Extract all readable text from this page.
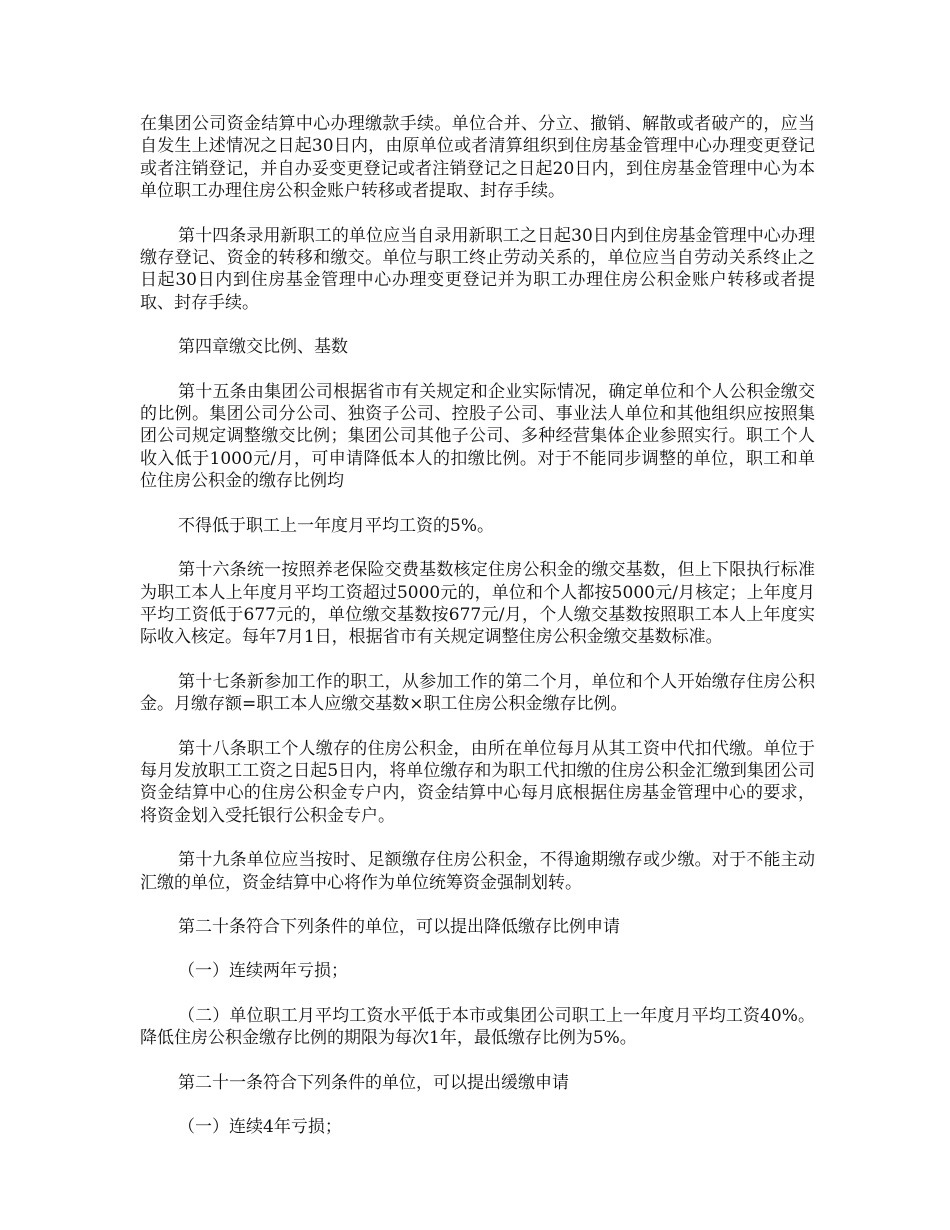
在集团公司资金结算中心办理缴款手续。单位合并、分立、撤销、解散或者破产的，应当自发生上述情况之日起30日内，由原单位或者清算组织到住房基金管理中心办理变更登记或者注销登记，并自办妥变更登记或者注销登记之日起20日内，到住房基金管理中心为本单位职工办理住房公积金账户转移或者提取、封存手续。

第十四条录用新职工的单位应当自录用新职工之日起30日内到住房基金管理中心办理缴存登记、资金的转移和缴交。单位与职工终止劳动关系的，单位应当自劳动关系终止之日起30日内到住房基金管理中心办理变更登记并为职工办理住房公积金账户转移或者提取、封存手续。

第四章缴交比例、基数

第十五条由集团公司根据省市有关规定和企业实际情况，确定单位和个人公积金缴交的比例。集团公司分公司、独资子公司、控股子公司、事业法人单位和其他组织应按照集团公司规定调整缴交比例；集团公司其他子公司、多种经营集体企业参照实行。职工个人收入低于1000元/月，可申请降低本人的扣缴比例。对于不能同步调整的单位，职工和单位住房公积金的缴存比例均

不得低于职工上一年度月平均工资的5%。

第十六条统一按照养老保险交费基数核定住房公积金的缴交基数，但上下限执行标准为职工本人上年度月平均工资超过5000元的，单位和个人都按5000元/月核定；上年度月平均工资低于677元的，单位缴交基数按677元/月，个人缴交基数按照职工本人上年度实际收入核定。每年7月1日，根据省市有关规定调整住房公积金缴交基数标准。

第十七条新参加工作的职工，从参加工作的第二个月，单位和个人开始缴存住房公积金。月缴存额=职工本人应缴交基数×职工住房公积金缴存比例。

第十八条职工个人缴存的住房公积金，由所在单位每月从其工资中代扣代缴。单位于每月发放职工工资之日起5日内，将单位缴存和为职工代扣缴的住房公积金汇缴到集团公司资金结算中心的住房公积金专户内，资金结算中心每月底根据住房基金管理中心的要求，将资金划入受托银行公积金专户。

第十九条单位应当按时、足额缴存住房公积金，不得逾期缴存或少缴。对于不能主动汇缴的单位，资金结算中心将作为单位统筹资金强制划转。

第二十条符合下列条件的单位，可以提出降低缴存比例申请

（一）连续两年亏损；

（二）单位职工月平均工资水平低于本市或集团公司职工上一年度月平均工资40%。降低住房公积金缴存比例的期限为每次1年，最低缴存比例为5%。

第二十一条符合下列条件的单位，可以提出缓缴申请

（一）连续4年亏损；
